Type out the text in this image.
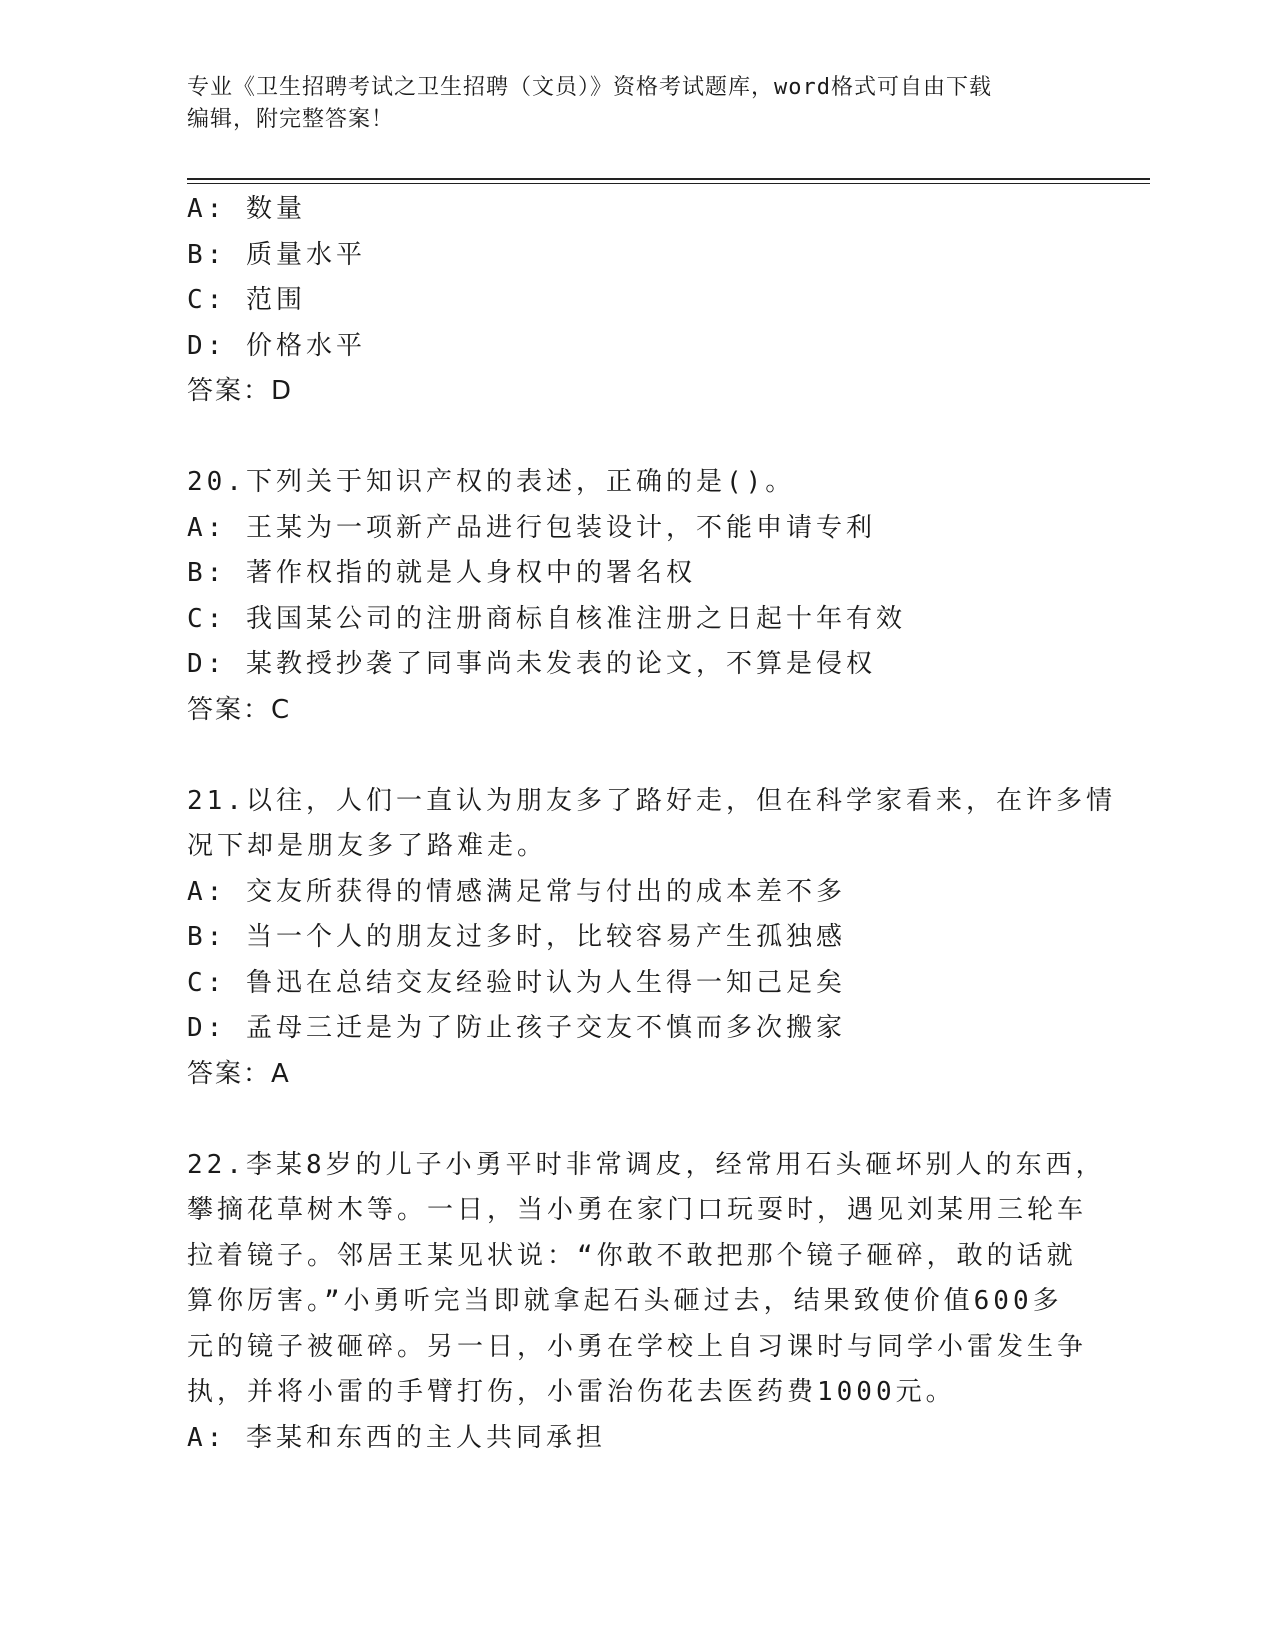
专业《卫生招聘考试之卫生招聘（文员）》资格考试题库，word格式可自由下载
编辑，附完整答案！
A: 数量
B: 质量水平
C: 范围
D: 价格水平
答案：D
20.下列关于知识产权的表述，正确的是()。
A: 王某为一项新产品进行包装设计，不能申请专利
B: 著作权指的就是人身权中的署名权
C: 我国某公司的注册商标自核准注册之日起十年有效
D: 某教授抄袭了同事尚未发表的论文，不算是侵权
答案：C
21.以往，人们一直认为朋友多了路好走，但在科学家看来，在许多情
况下却是朋友多了路难走。
A: 交友所获得的情感满足常与付出的成本差不多
B: 当一个人的朋友过多时，比较容易产生孤独感
C: 鲁迅在总结交友经验时认为人生得一知己足矣
D: 孟母三迁是为了防止孩子交友不慎而多次搬家
答案：A
22.李某8岁的儿子小勇平时非常调皮，经常用石头砸坏别人的东西，
攀摘花草树木等。一日，当小勇在家门口玩耍时，遇见刘某用三轮车
拉着镜子。邻居王某见状说：“你敢不敢把那个镜子砸碎，敢的话就
算你厉害。”小勇听完当即就拿起石头砸过去，结果致使价值600多
元的镜子被砸碎。另一日，小勇在学校上自习课时与同学小雷发生争
执，并将小雷的手臂打伤，小雷治伤花去医药费1000元。
A: 李某和东西的主人共同承担
